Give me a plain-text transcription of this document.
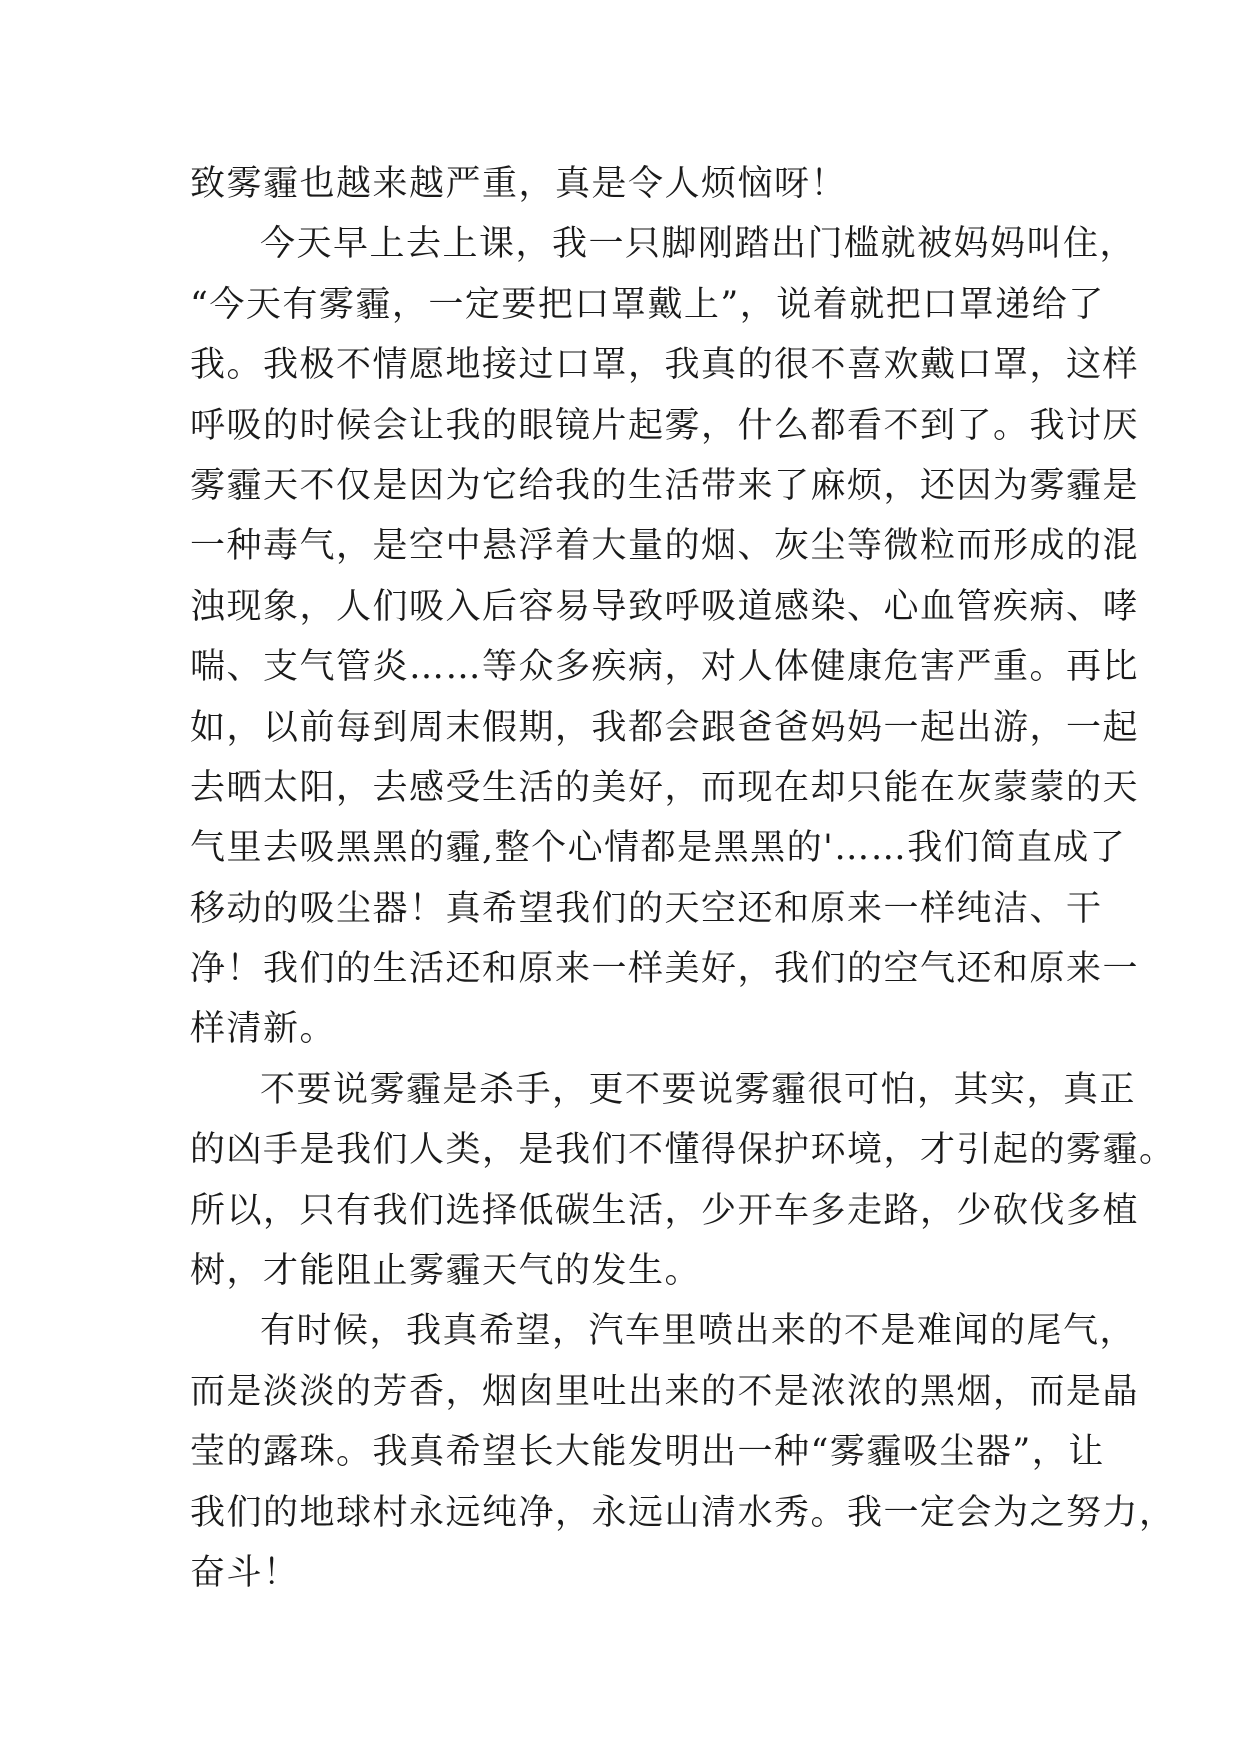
致雾霾也越来越严重，真是令人烦恼呀！
今天早上去上课，我一只脚刚踏出门槛就被妈妈叫住，
“今天有雾霾，一定要把口罩戴上”，说着就把口罩递给了
我。我极不情愿地接过口罩，我真的很不喜欢戴口罩，这样
呼吸的时候会让我的眼镜片起雾，什么都看不到了。我讨厌
雾霾天不仅是因为它给我的生活带来了麻烦，还因为雾霾是
一种毒气，是空中悬浮着大量的烟、灰尘等微粒而形成的混
浊现象，人们吸入后容易导致呼吸道感染、心血管疾病、哮
喘、支气管炎……等众多疾病，对人体健康危害严重。再比
如，以前每到周末假期，我都会跟爸爸妈妈一起出游，一起
去晒太阳，去感受生活的美好，而现在却只能在灰蒙蒙的天
气里去吸黑黑的霾,整个心情都是黑黑的'……我们简直成了
移动的吸尘器！真希望我们的天空还和原来一样纯洁、干
净！我们的生活还和原来一样美好，我们的空气还和原来一
样清新。
不要说雾霾是杀手，更不要说雾霾很可怕，其实，真正
的凶手是我们人类，是我们不懂得保护环境，才引起的雾霾。
所以，只有我们选择低碳生活，少开车多走路，少砍伐多植
树，才能阻止雾霾天气的发生。
有时候，我真希望，汽车里喷出来的不是难闻的尾气，
而是淡淡的芳香，烟囱里吐出来的不是浓浓的黑烟，而是晶
莹的露珠。我真希望长大能发明出一种“雾霾吸尘器”，让
我们的地球村永远纯净，永远山清水秀。我一定会为之努力，
奋斗！
